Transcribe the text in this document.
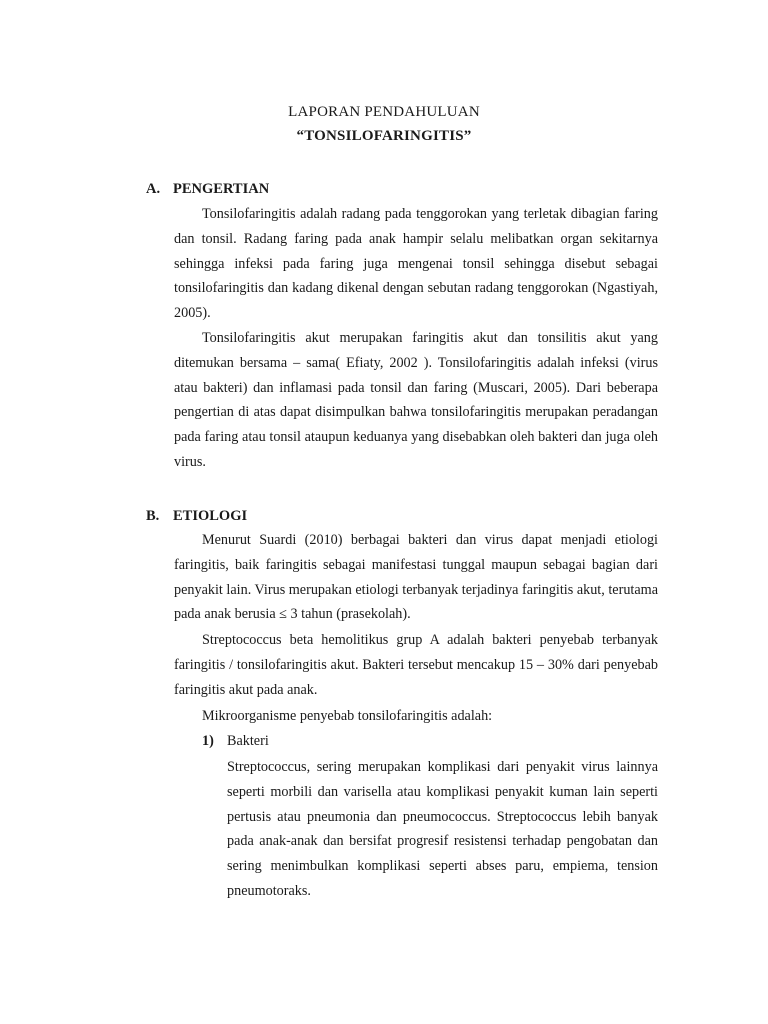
LAPORAN PENDAHULUAN
“TONSILOFARINGITIS”
A. PENGERTIAN

Tonsilofaringitis adalah radang pada tenggorokan yang terletak dibagian faring dan tonsil. Radang faring pada anak hampir selalu melibatkan organ sekitarnya sehingga infeksi pada faring juga mengenai tonsil sehingga disebut sebagai tonsilofaringitis dan kadang dikenal dengan sebutan radang tenggorokan (Ngastiyah, 2005).

Tonsilofaringitis akut merupakan faringitis akut dan tonsilitis akut yang ditemukan bersama – sama( Efiaty, 2002 ). Tonsilofaringitis adalah infeksi (virus atau bakteri) dan inflamasi pada tonsil dan faring (Muscari, 2005). Dari beberapa pengertian di atas dapat disimpulkan bahwa tonsilofaringitis merupakan peradangan pada faring atau tonsil ataupun keduanya yang disebabkan oleh bakteri dan juga oleh virus.

B. ETIOLOGI

Menurut Suardi (2010) berbagai bakteri dan virus dapat menjadi etiologi faringitis, baik faringitis sebagai manifestasi tunggal maupun sebagai bagian dari penyakit lain. Virus merupakan etiologi terbanyak terjadinya faringitis akut, terutama pada anak berusia ≤ 3 tahun (prasekolah).

Streptococcus beta hemolitikus grup A adalah bakteri penyebab terbanyak faringitis / tonsilofaringitis akut. Bakteri tersebut mencakup 15 – 30% dari penyebab faringitis akut pada anak.

Mikroorganisme penyebab tonsilofaringitis adalah:

1) Bakteri

Streptococcus, sering merupakan komplikasi dari penyakit virus lainnya seperti morbili dan varisella atau komplikasi penyakit kuman lain seperti pertusis atau pneumonia dan pneumococcus. Streptococcus lebih banyak pada anak-anak dan bersifat progresif resistensi terhadap pengobatan dan sering menimbulkan komplikasi seperti abses paru, empiema, tension pneumotoraks.
